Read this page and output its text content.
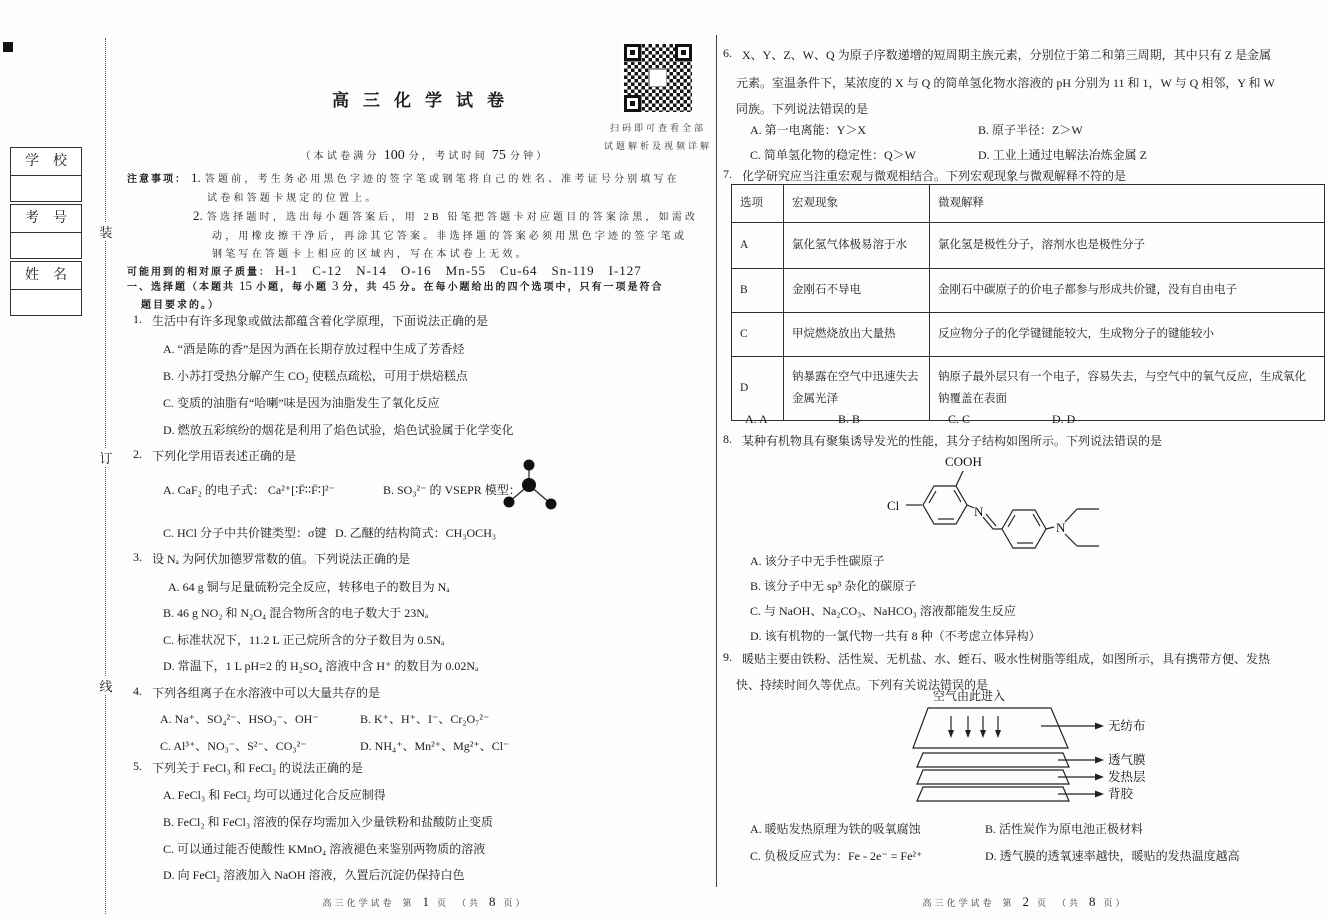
学　校
考　号
姓　名
装
订
线
扫码即可查看全部
试题解析及视频详解
高三化学试卷
（本试卷满分 100 分，考试时间 75 分钟）
注意事项： 1. 答题前，考生务必用黑色字迹的签字笔或钢笔将自己的姓名、准考证号分别填写在
试卷和答题卡规定的位置上。
2. 答选择题时，选出每小题答案后，用 2B 铅笔把答题卡对应题目的答案涂黑，如需改
动，用橡皮擦干净后，再涂其它答案。非选择题的答案必须用黑色字迹的签字笔或
钢笔写在答题卡上相应的区域内，写在本试卷上无效。
可能用到的相对原子质量： H-1　C-12　N-14　O-16　Mn-55　Cu-64　Sn-119　I-127
一、选择题（本题共 15 小题，每小题 3 分，共 45 分。在每小题给出的四个选项中，只有一项是符合
题目要求的。）
1. 生活中有许多现象或做法都蕴含着化学原理，下面说法正确的是
A. “酒是陈的香”是因为酒在长期存放过程中生成了芳香烃
B. 小苏打受热分解产生 CO₂ 使糕点疏松，可用于烘焙糕点
C. 变质的油脂有“哈喇”味是因为油脂发生了氧化反应
D. 燃放五彩缤纷的烟花是利用了焰色试验，焰色试验属于化学变化
2. 下列化学用语表述正确的是
A. CaF₂ 的电子式： Ca²⁺[∶F̈∶∶F̈∶]²⁻	B. SO₃²⁻ 的 VSEPR 模型：
C. HCl 分子中共价键类型：σ键 D. 乙醚的结构简式：CH₃OCH₃
3. 设 Nₐ 为阿伏加德罗常数的值。下列说法正确的是
A. 64 g 铜与足量硫粉完全反应，转移电子的数目为 Nₐ
B. 46 g NO₂ 和 N₂O₄ 混合物所含的电子数大于 23Nₐ
C. 标准状况下，11.2 L 正己烷所含的分子数目为 0.5Nₐ
D. 常温下，1 L pH=2 的 H₂SO₄ 溶液中含 H⁺ 的数目为 0.02Nₐ
4. 下列各组离子在水溶液中可以大量共存的是
A. Na⁺、SO₄²⁻、HSO₃⁻、OH⁻	B. K⁺、H⁺、I⁻、Cr₂O₇²⁻
C. Al³⁺、NO₃⁻、S²⁻、CO₃²⁻	D. NH₄⁺、Mn²⁺、Mg²⁺、Cl⁻
5. 下列关于 FeCl₃ 和 FeCl₂ 的说法正确的是
A. FeCl₃ 和 FeCl₂ 均可以通过化合反应制得
B. FeCl₂ 和 FeCl₃ 溶液的保存均需加入少量铁粉和盐酸防止变质
C. 可以通过能否使酸性 KMnO₄ 溶液褪色来鉴别两物质的溶液
D. 向 FeCl₂ 溶液加入 NaOH 溶液，久置后沉淀仍保持白色
高三化学试卷 第 1 页 （共 8 页）
6. X、Y、Z、W、Q 为原子序数递增的短周期主族元素，分别位于第二和第三周期，其中只有 Z 是金属
元素。室温条件下，某浓度的 X 与 Q 的简单氢化物水溶液的 pH 分别为 11 和 1，W 与 Q 相邻，Y 和 W
同族。下列说法错误的是
A. 第一电离能：Y＞X	B. 原子半径：Z＞W
C. 简单氢化物的稳定性：Q＞W	D. 工业上通过电解法冶炼金属 Z
7. 化学研究应当注重宏观与微观相结合。下列宏观现象与微观解释不符的是
选项	宏观现象	微观解释
A	氯化氢气体极易溶于水	氯化氢是极性分子，溶剂水也是极性分子
B	金刚石不导电	金刚石中碳原子的价电子都参与形成共价键，没有自由电子
C	甲烷燃烧放出大量热	反应物分子的化学键键能较大，生成物分子的键能较小
D	钠暴露在空气中迅速失去金属光泽	钠原子最外层只有一个电子，容易失去，与空气中的氧气反应，生成氧化钠覆盖在表面
A. A	B. B	C. C	D. D
8. 某种有机物具有聚集诱导发光的性能，其分子结构如图所示。下列说法错误的是
Cl
COOH
N
N
A. 该分子中无手性碳原子
B. 该分子中无 sp³ 杂化的碳原子
C. 与 NaOH、Na₂CO₃、NaHCO₃ 溶液都能发生反应
D. 该有机物的一氯代物一共有 8 种（不考虑立体异构）
9. 暖贴主要由铁粉、活性炭、无机盐、水、蛭石、吸水性树脂等组成，如图所示，具有携带方便、发热
快、持续时间久等优点。下列有关说法错误的是
空气由此进入
无纺布
透气膜
发热层
背胶
A. 暖贴发热原理为铁的吸氧腐蚀	B. 活性炭作为原电池正极材料
C. 负极反应式为：Fe - 2e⁻ = Fe²⁺	D. 透气膜的透氧速率越快，暖贴的发热温度越高
高三化学试卷 第 2 页 （共 8 页）
